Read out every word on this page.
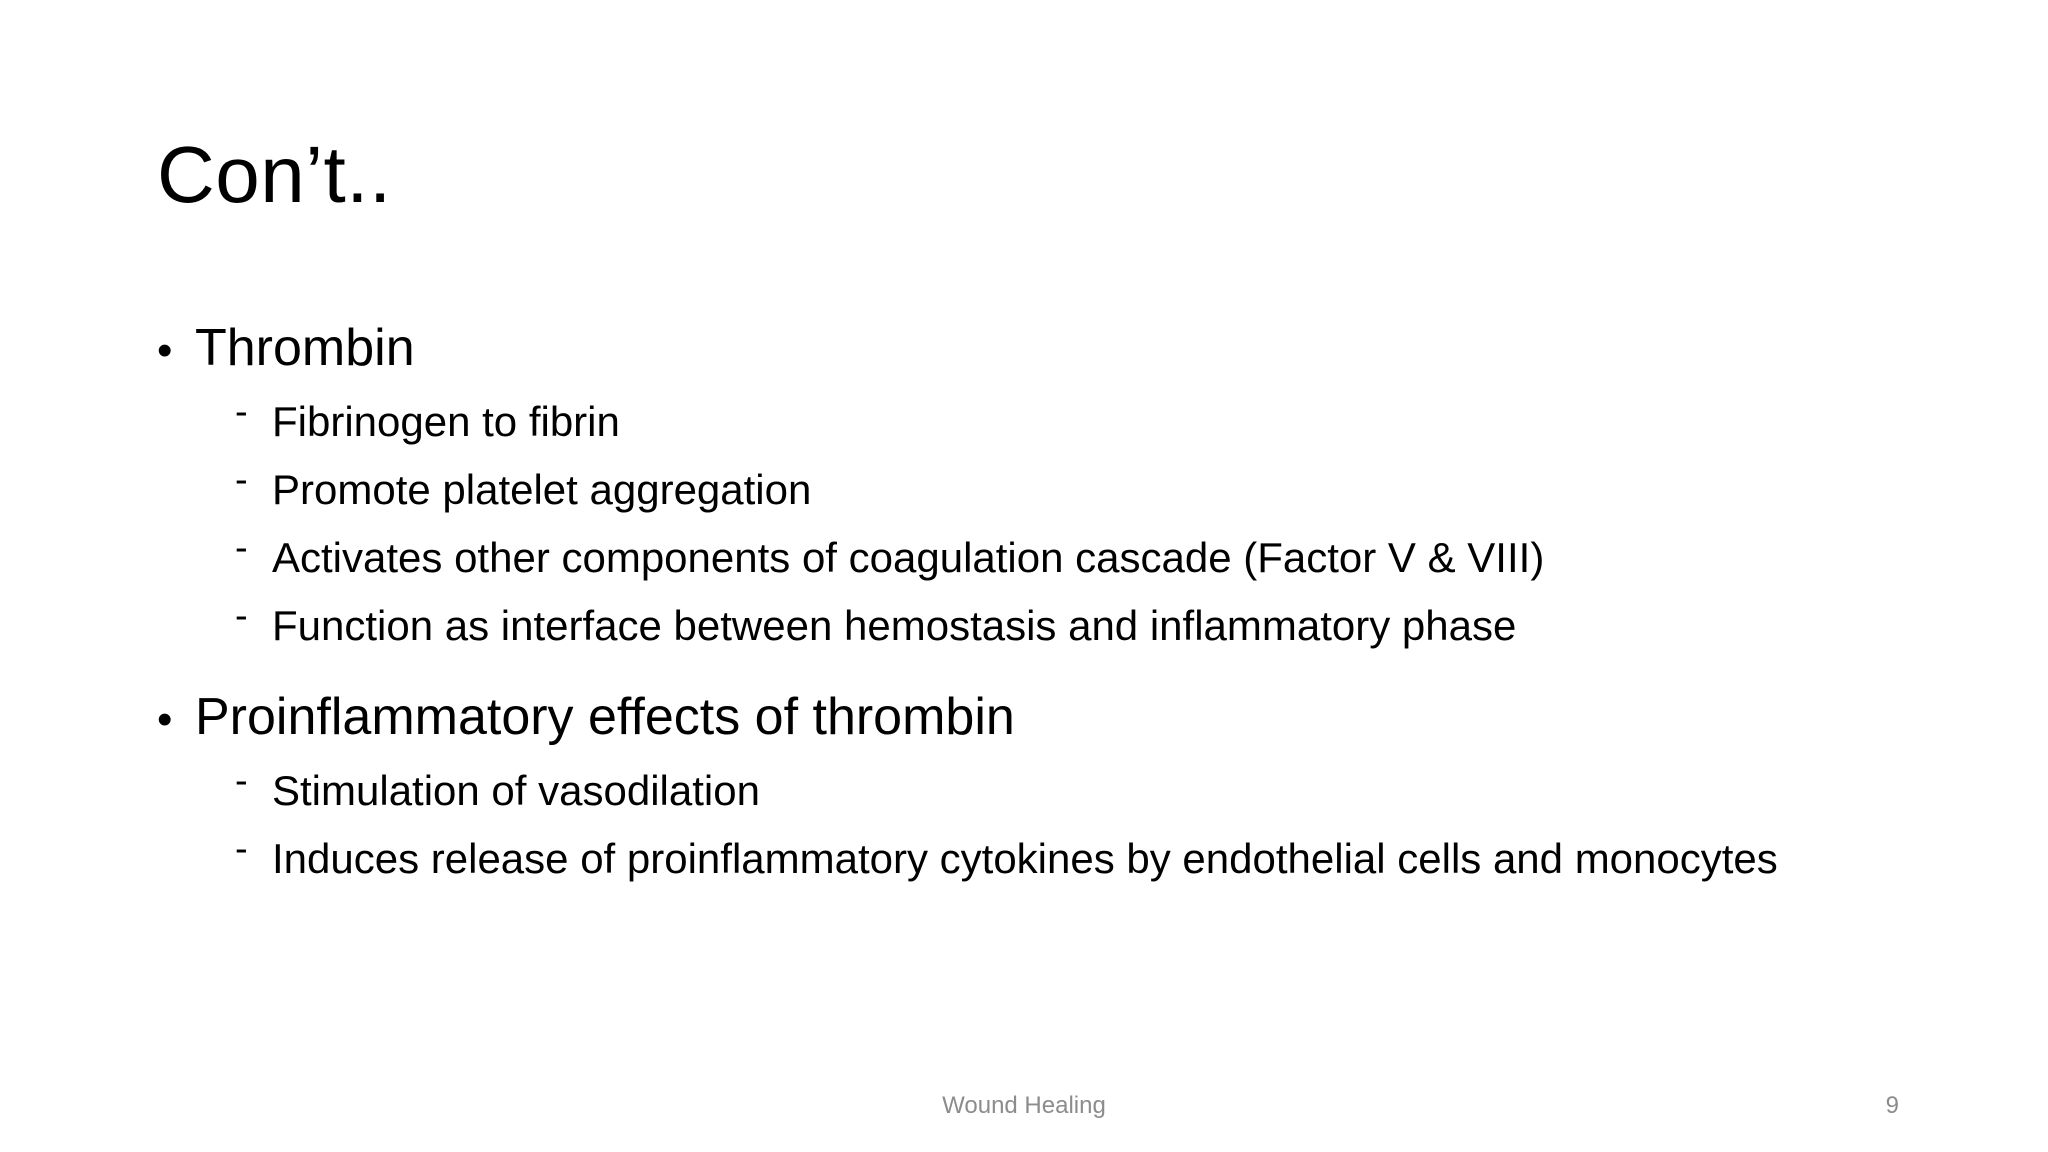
Con’t..
• Thrombin
- Fibrinogen to fibrin
- Promote platelet aggregation
- Activates other components of coagulation cascade (Factor V & VIII)
- Function as interface between hemostasis and inflammatory phase
• Proinflammatory effects of thrombin
- Stimulation of vasodilation
- Induces release of proinflammatory cytokines by endothelial cells and monocytes
Wound Healing	9
